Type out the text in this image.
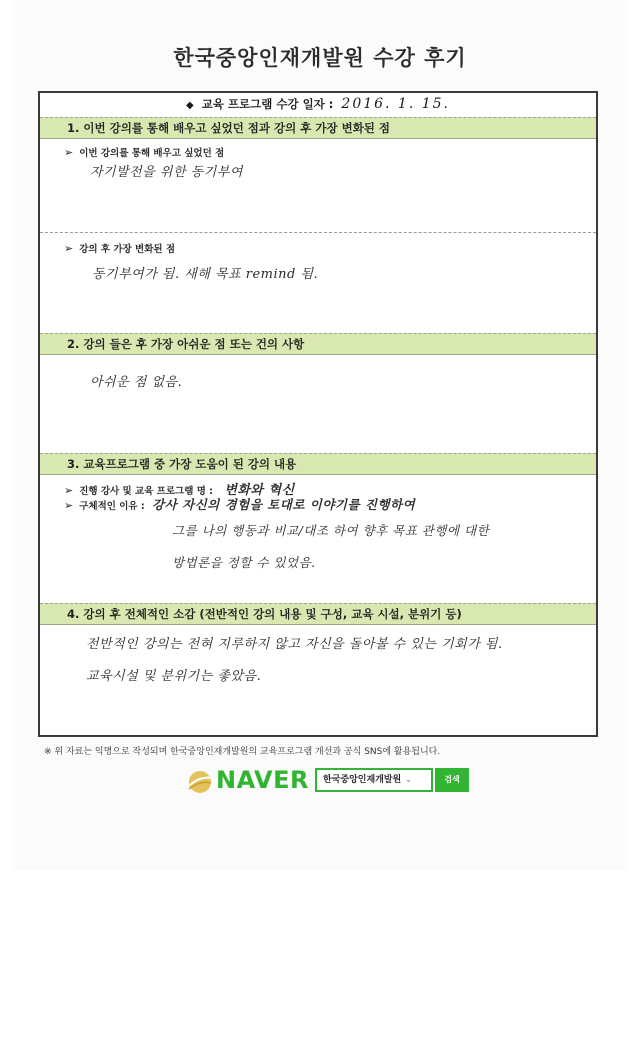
한국중앙인재개발원 수강 후기
◆ 교육 프로그램 수강 일자 : 2016. 1. 15.
1. 이번 강의를 통해 배우고 싶었던 점과 강의 후 가장 변화된 점
➢ 이번 강의를 통해 배우고 싶었던 점
자기발전을 위한 동기부여
➢ 강의 후 가장 변화된 점
동기부여가 됨. 새해 목표 remind 됨.
2. 강의 들은 후 가장 아쉬운 점 또는 건의 사항
아쉬운 점 없음.
3. 교육프로그램 중 가장 도움이 된 강의 내용
➢ 진행 강사 및 교육 프로그램 명 : 변화와 혁신
➢ 구체적인 이유 : 강사 자신의 경험을 토대로 이야기를 진행하여
그를 나의 행동과 비교/대조 하여 향후 목표 관행에 대한
방법론을 정할 수 있었음.
4. 강의 후 전체적인 소감 (전반적인 강의 내용 및 구성, 교육 시설, 분위기 등)
전반적인 강의는 전혀 지루하지 않고 자신을 돌아볼 수 있는 기회가 됨.
교육시설 및 분위기는 좋았음.
※ 위 자료는 익명으로 작성되며 한국중앙인재개발원의 교육프로그램 개선과 공식 SNS에 활용됩니다.
NAVER	한국중앙인재개발원 ⌄	검색
